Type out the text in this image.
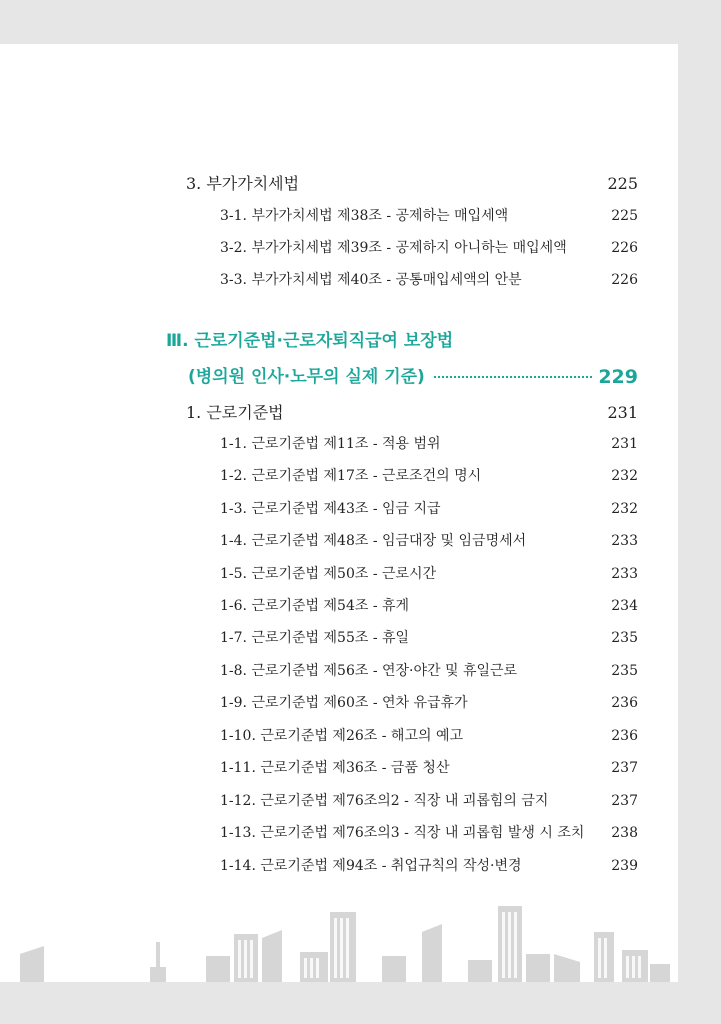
3. 부가가치세법	225
3-1. 부가가치세법 제38조 - 공제하는 매입세액	225
3-2. 부가가치세법 제39조 - 공제하지 아니하는 매입세액	226
3-3. 부가가치세법 제40조 - 공통매입세액의 안분	226
Ⅲ. 근로기준법·근로자퇴직급여 보장법
(병의원 인사·노무의 실제 기준)	229
1. 근로기준법	231
1-1. 근로기준법 제11조 - 적용 범위	231
1-2. 근로기준법 제17조 - 근로조건의 명시	232
1-3. 근로기준법 제43조 - 임금 지급	232
1-4. 근로기준법 제48조 - 임금대장 및 임금명세서	233
1-5. 근로기준법 제50조 - 근로시간	233
1-6. 근로기준법 제54조 - 휴게	234
1-7. 근로기준법 제55조 - 휴일	235
1-8. 근로기준법 제56조 - 연장·야간 및 휴일근로	235
1-9. 근로기준법 제60조 - 연차 유급휴가	236
1-10. 근로기준법 제26조 - 해고의 예고	236
1-11. 근로기준법 제36조 - 금품 청산	237
1-12. 근로기준법 제76조의2 - 직장 내 괴롭힘의 금지	237
1-13. 근로기준법 제76조의3 - 직장 내 괴롭힘 발생 시 조치 238
1-14. 근로기준법 제94조 - 취업규칙의 작성·변경	239
